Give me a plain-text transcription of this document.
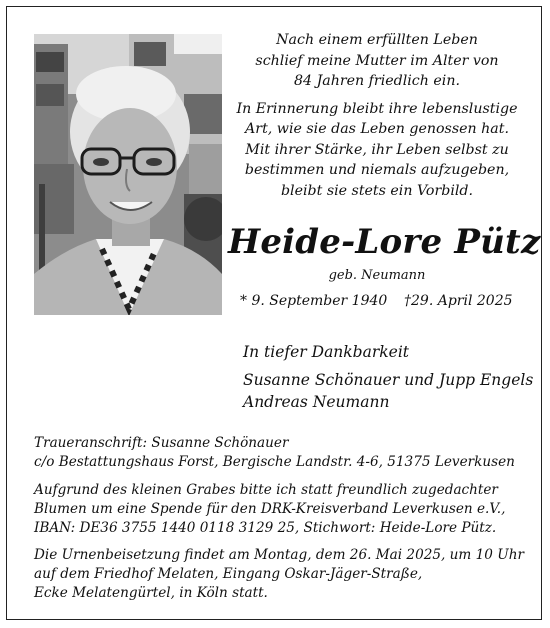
Nach einem erfüllten Leben
schlief meine Mutter im Alter von
84 Jahren friedlich ein.

In Erinnerung bleibt ihre lebenslustige
Art, wie sie das Leben genossen hat.
Mit ihrer Stärke, ihr Leben selbst zu
bestimmen und niemals aufzugeben,
bleibt sie stets ein Vorbild.

Heide-Lore Pütz
geb. Neumann
* 9. September 1940 †29. April 2025
In tiefer Dankbarkeit
Susanne Schönauer und Jupp Engels
Andreas Neumann
Traueranschrift: Susanne Schönauer
c/o Bestattungshaus Forst, Bergische Landstr. 4-6, 51375 Leverkusen
Aufgrund des kleinen Grabes bitte ich statt freundlich zugedachter
Blumen um eine Spende für den DRK-Kreisverband Leverkusen e.V.,
IBAN: DE36 3755 1440 0118 3129 25, Stichwort: Heide-Lore Pütz.
Die Urnenbeisetzung findet am Montag, dem 26. Mai 2025, um 10 Uhr
auf dem Friedhof Melaten, Eingang Oskar-Jäger-Straße,
Ecke Melatengürtel, in Köln statt.
